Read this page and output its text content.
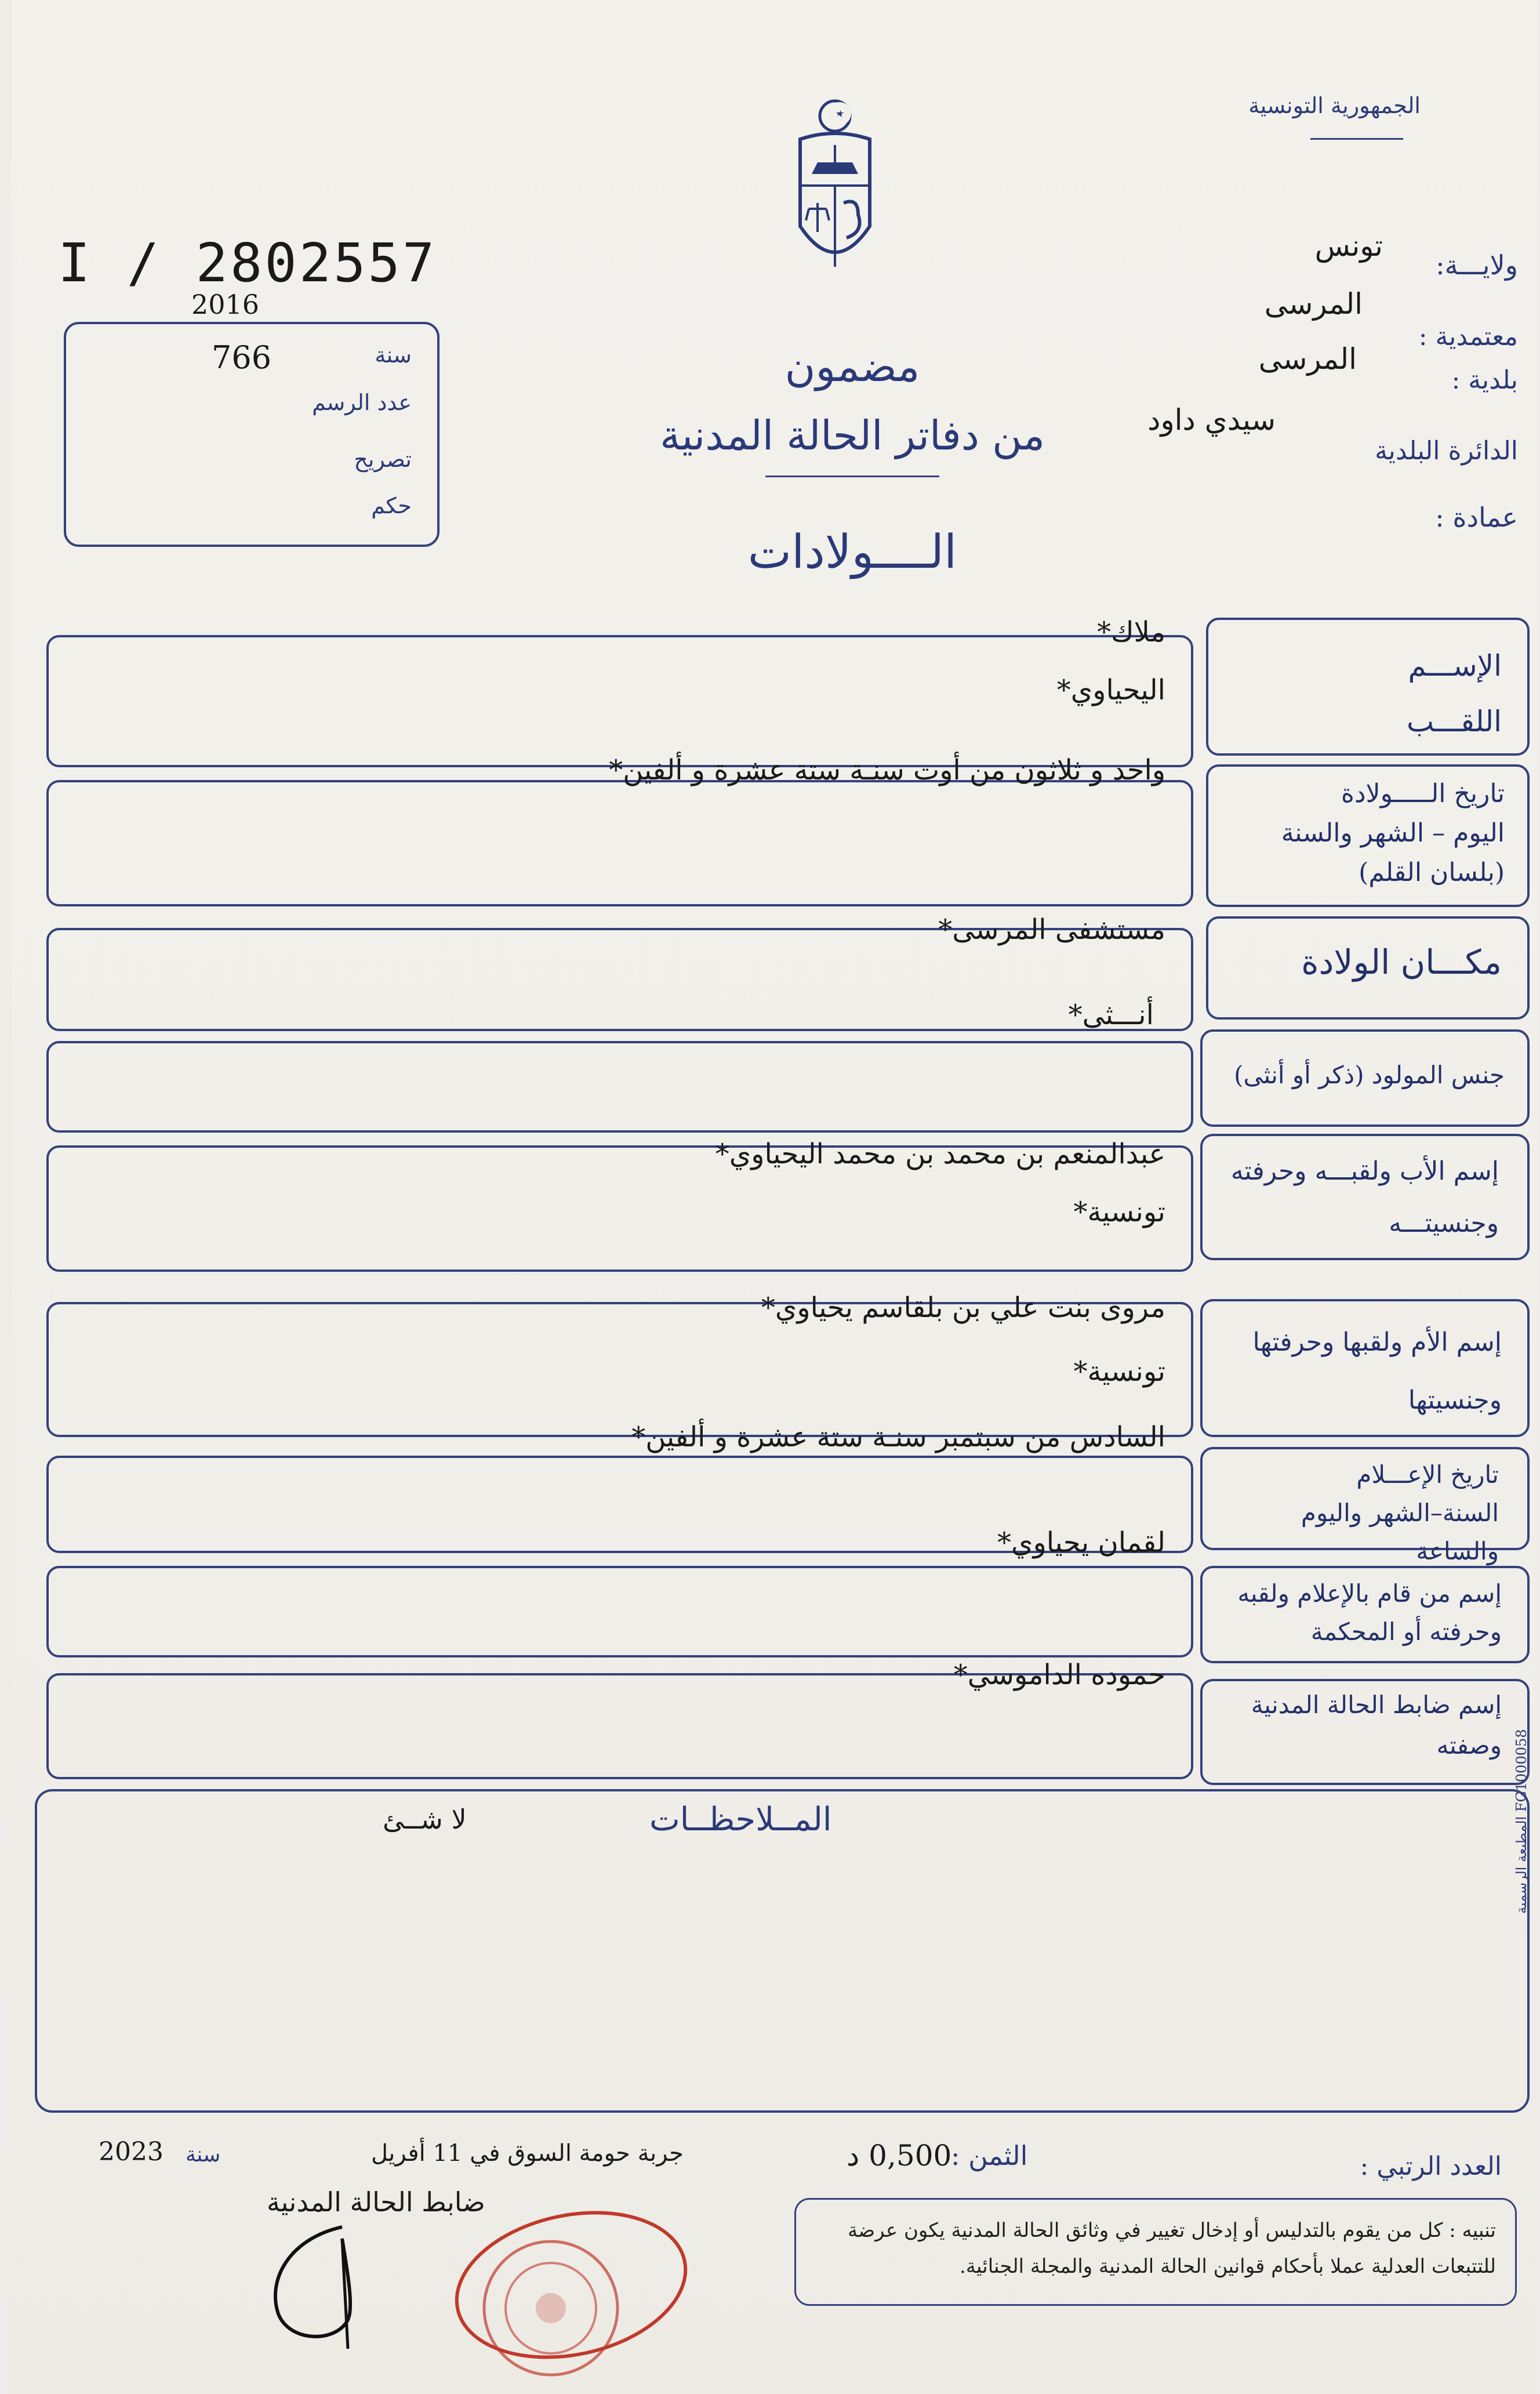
الجمهورية التونسية
I / 2802557
2016
سنة
766
عدد الرسم
تصريح
حكم
مضمون
من دفاتر الحالة المدنية
الــــولادات
ولايـــة:
تونس
المرسى
معتمدية :
بلدية :
المرسى
سيدي داود
الدائرة البلدية
عمادة :
الإســـم
اللقـــب
ملاك*
اليحياوي*
تاريخ الـــــولادة
اليوم – الشهر والسنة
(بلسان القلم)
واحد و ثلاثون من أوت سنـة ستة عشرة و ألفين*
مكـــان الولادة
مستشفى المرسى*
جنس المولود (ذكر أو أنثى)
أنـــثى*
إسم الأب ولقبـــه وحرفته
وجنسيتـــه
عبدالمنعم بن محمد بن محمد اليحياوي*
تونسية*
إسم الأم ولقبها وحرفتها
وجنسيتها
مروى بنت علي بن بلقاسم يحياوي*
تونسية*
تاريخ الإعـــلام
السنة–الشهر واليوم والساعة
السادس من سبتمبر سنـة ستة عشرة و ألفين*
إسم من قام بالإعلام ولقبه
وحرفته أو المحكمة
لقمان يحياوي*
إسم ضابط الحالة المدنية
وصفته
حموده الداموسي*
المــلاحظــات
لا شــئ	المطبعة الرسمية FG1000058
العدد الرتبي :
الثمن :
0,500 د
جربة حومة السوق في 11 أفريل
سنة
2023
ضابط الحالة المدنية
تنبيه : كل من يقوم بالتدليس أو إدخال تغيير في وثائق الحالة المدنية يكون عرضة للتتبعات العدلية عملا بأحكام قوانين الحالة المدنية والمجلة الجنائية.
